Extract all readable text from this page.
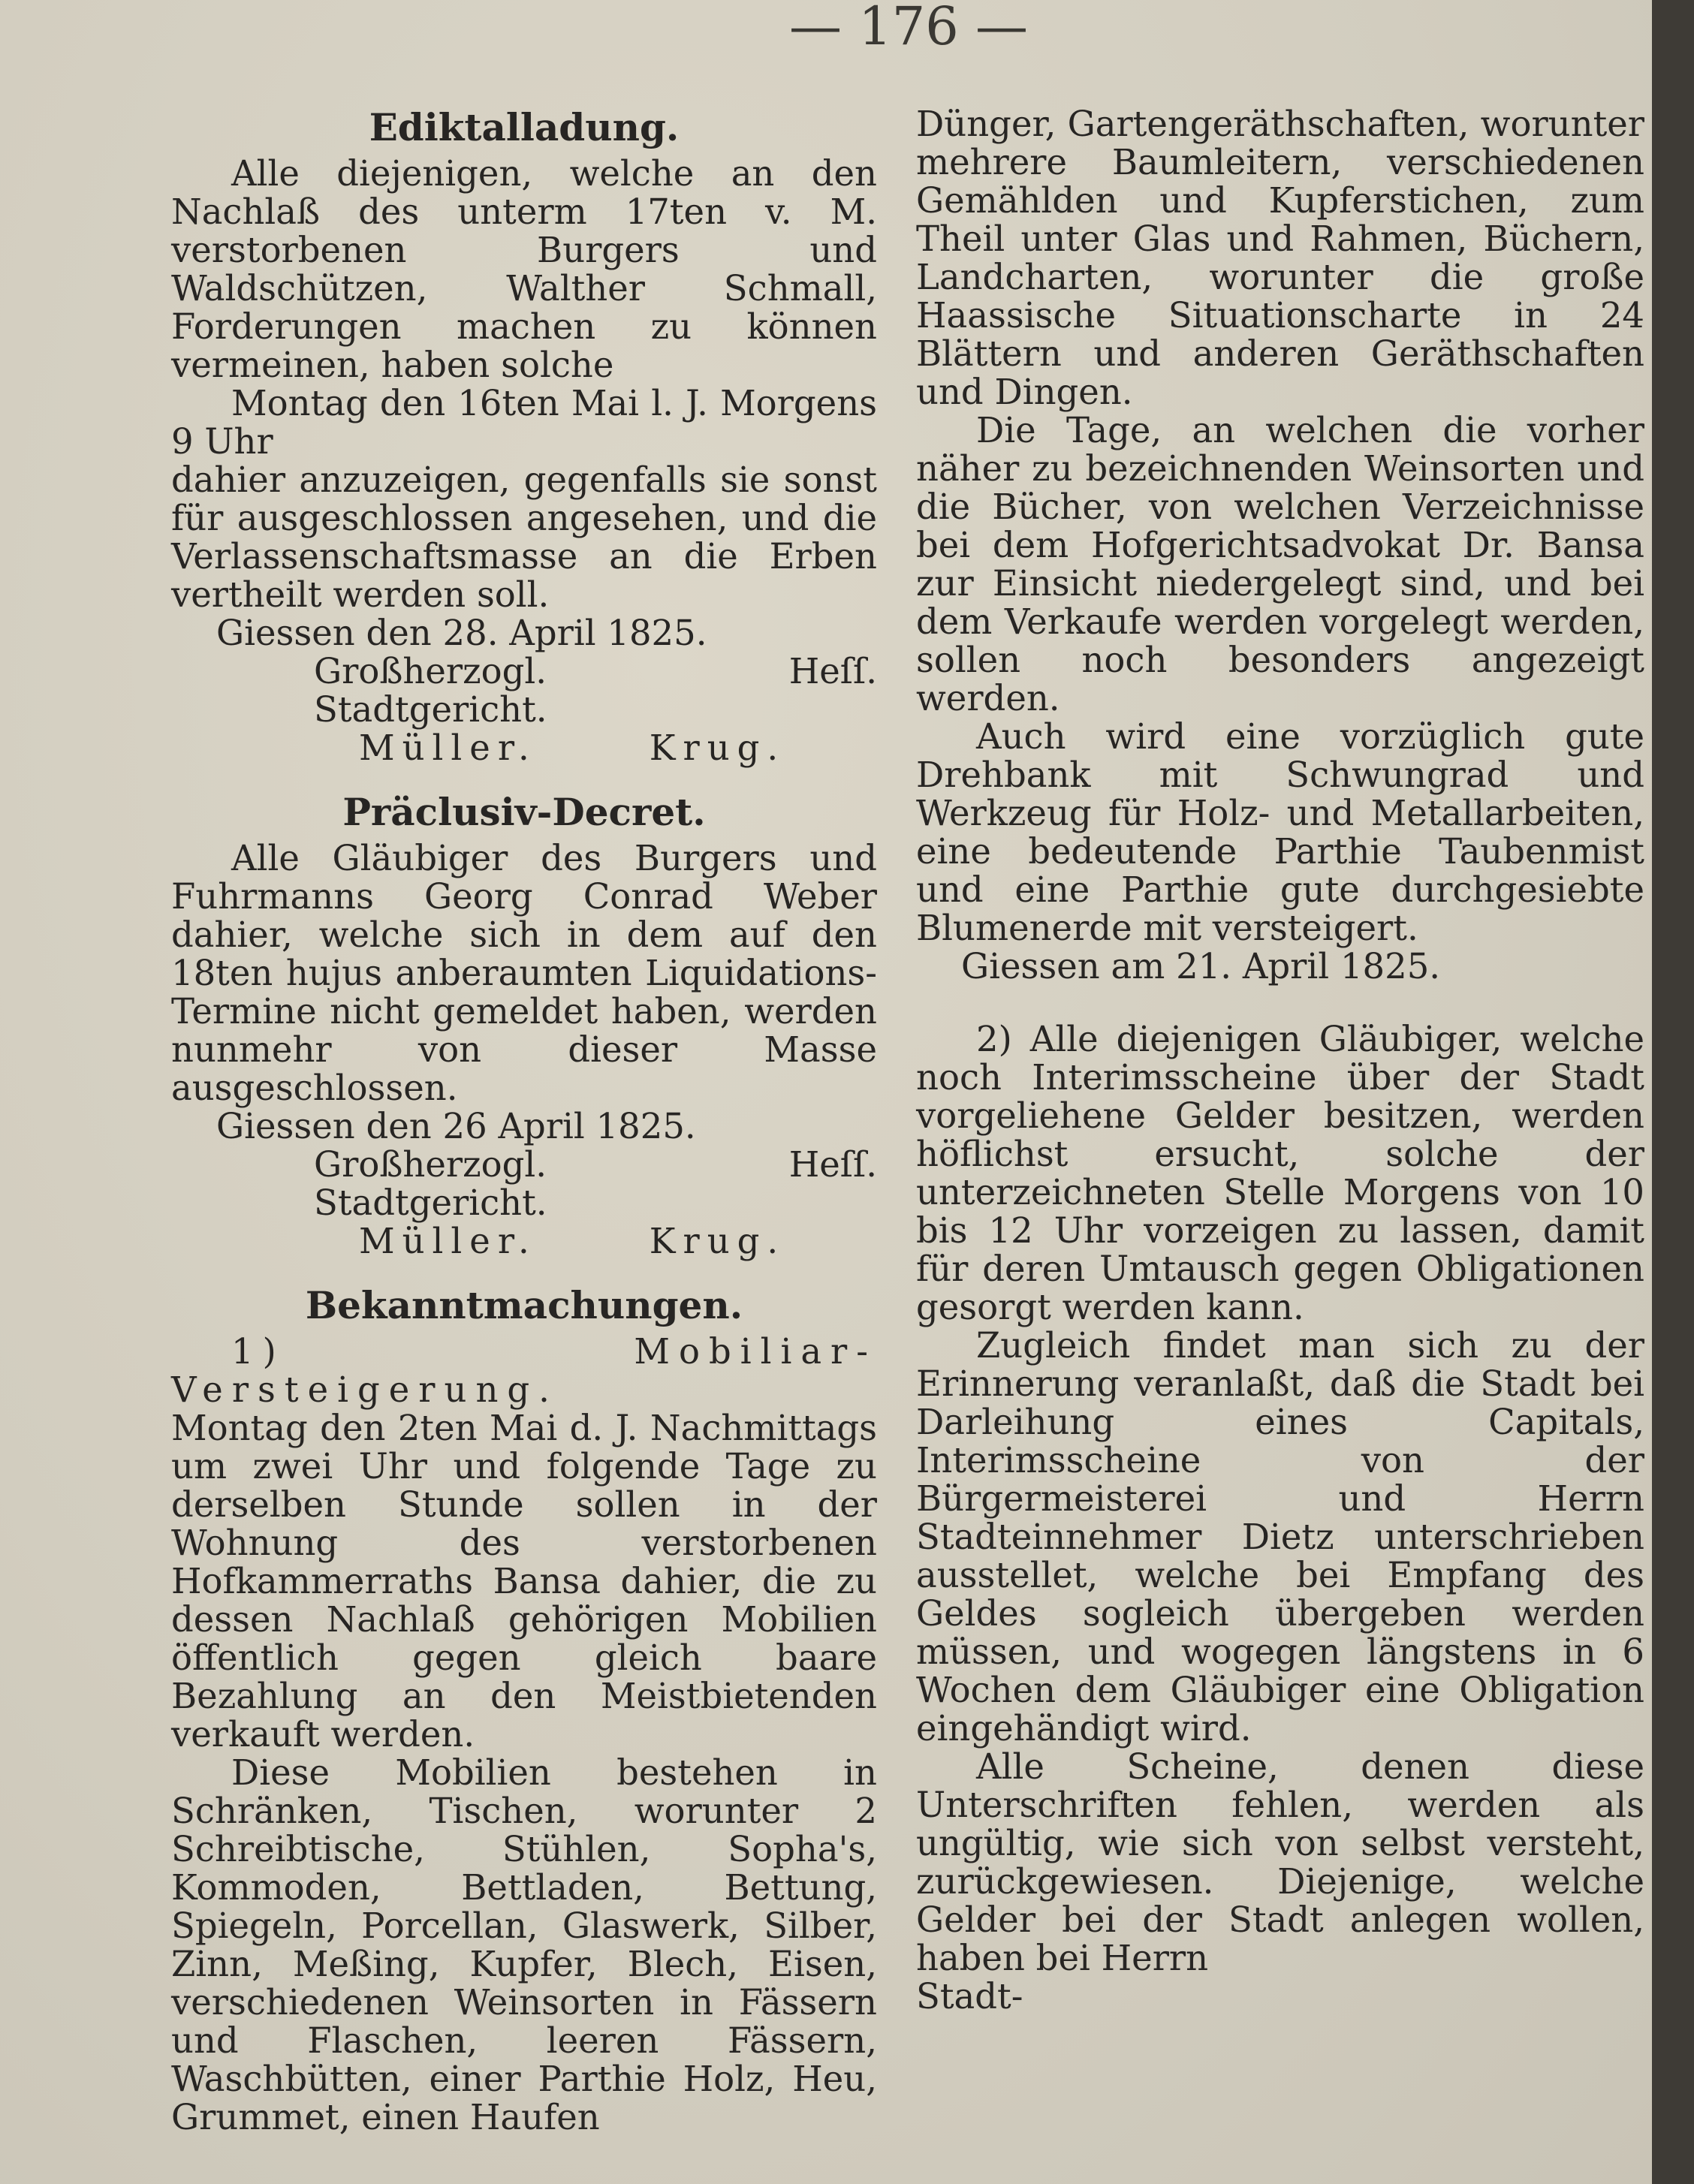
— 176 —
Ediktalladung.

Alle diejenigen, welche an den Nachlaß des unterm 17ten v. M. verstorbenen Burgers und Waldschützen, Walther Schmall, Forderungen machen zu können vermeinen, haben solche

Montag den 16ten Mai l. J. Morgens 9 Uhr

dahier anzuzeigen, gegenfalls sie sonst für ausgeschlossen angesehen, und die Verlassenschaftsmasse an die Erben vertheilt werden soll.

Giessen den 28. April 1825.

Großherzogl. Heſſ. Stadtgericht.

Müller.	Krug.

Präclusiv-Decret.

Alle Gläubiger des Burgers und Fuhrmanns Georg Conrad Weber dahier, welche sich in dem auf den 18ten hujus anberaumten Liquidations-Termine nicht gemeldet haben, werden nunmehr von dieser Masse ausgeschlossen.

Giessen den 26 April 1825.

Großherzogl. Heſſ. Stadtgericht.

Müller.	Krug.

Bekanntmachungen.

1) Mobiliar-Versteigerung.

Montag den 2ten Mai d. J. Nachmittags um zwei Uhr und folgende Tage zu derselben Stunde sollen in der Wohnung des verstorbenen Hofkammerraths Bansa dahier, die zu dessen Nachlaß gehörigen Mobilien öffentlich gegen gleich baare Bezahlung an den Meistbietenden verkauft werden.

Diese Mobilien bestehen in Schränken, Tischen, worunter 2 Schreibtische, Stühlen, Sopha's, Kommoden, Bettladen, Bettung, Spiegeln, Porcellan, Glaswerk, Silber, Zinn, Meßing, Kupfer, Blech, Eisen, verschiedenen Weinsorten in Fässern und Flaschen, leeren Fässern, Waschbütten, einer Parthie Holz, Heu, Grummet, einen Haufen

Dünger, Gartengeräthschaften, worunter mehrere Baumleitern, verschiedenen Gemählden und Kupferstichen, zum Theil unter Glas und Rahmen, Büchern, Landcharten, worunter die große Haassische Situationscharte in 24 Blättern und anderen Geräthschaften und Dingen.

Die Tage, an welchen die vorher näher zu bezeichnenden Weinsorten und die Bücher, von welchen Verzeichnisse bei dem Hofgerichtsadvokat Dr. Bansa zur Einsicht niedergelegt sind, und bei dem Verkaufe werden vorgelegt werden, sollen noch besonders angezeigt werden.

Auch wird eine vorzüglich gute Drehbank mit Schwungrad und Werkzeug für Holz- und Metallarbeiten, eine bedeutende Parthie Taubenmist und eine Parthie gute durchgesiebte Blumenerde mit versteigert.

Giessen am 21. April 1825.

2) Alle diejenigen Gläubiger, welche noch Interimsscheine über der Stadt vorgeliehene Gelder besitzen, werden höflichst ersucht, solche der unterzeichneten Stelle Morgens von 10 bis 12 Uhr vorzeigen zu lassen, damit für deren Umtausch gegen Obligationen gesorgt werden kann.

Zugleich findet man sich zu der Erinnerung veranlaßt, daß die Stadt bei Darleihung eines Capitals, Interimsscheine von der Bürgermeisterei und Herrn Stadteinnehmer Dietz unterschrieben ausstellet, welche bei Empfang des Geldes sogleich übergeben werden müssen, und wogegen längstens in 6 Wochen dem Gläubiger eine Obligation eingehändigt wird.

Alle Scheine, denen diese Unterschriften fehlen, werden als ungültig, wie sich von selbst versteht, zurückgewiesen. Diejenige, welche Gelder bei der Stadt anlegen wollen, haben bei Herrn

Stadt-
